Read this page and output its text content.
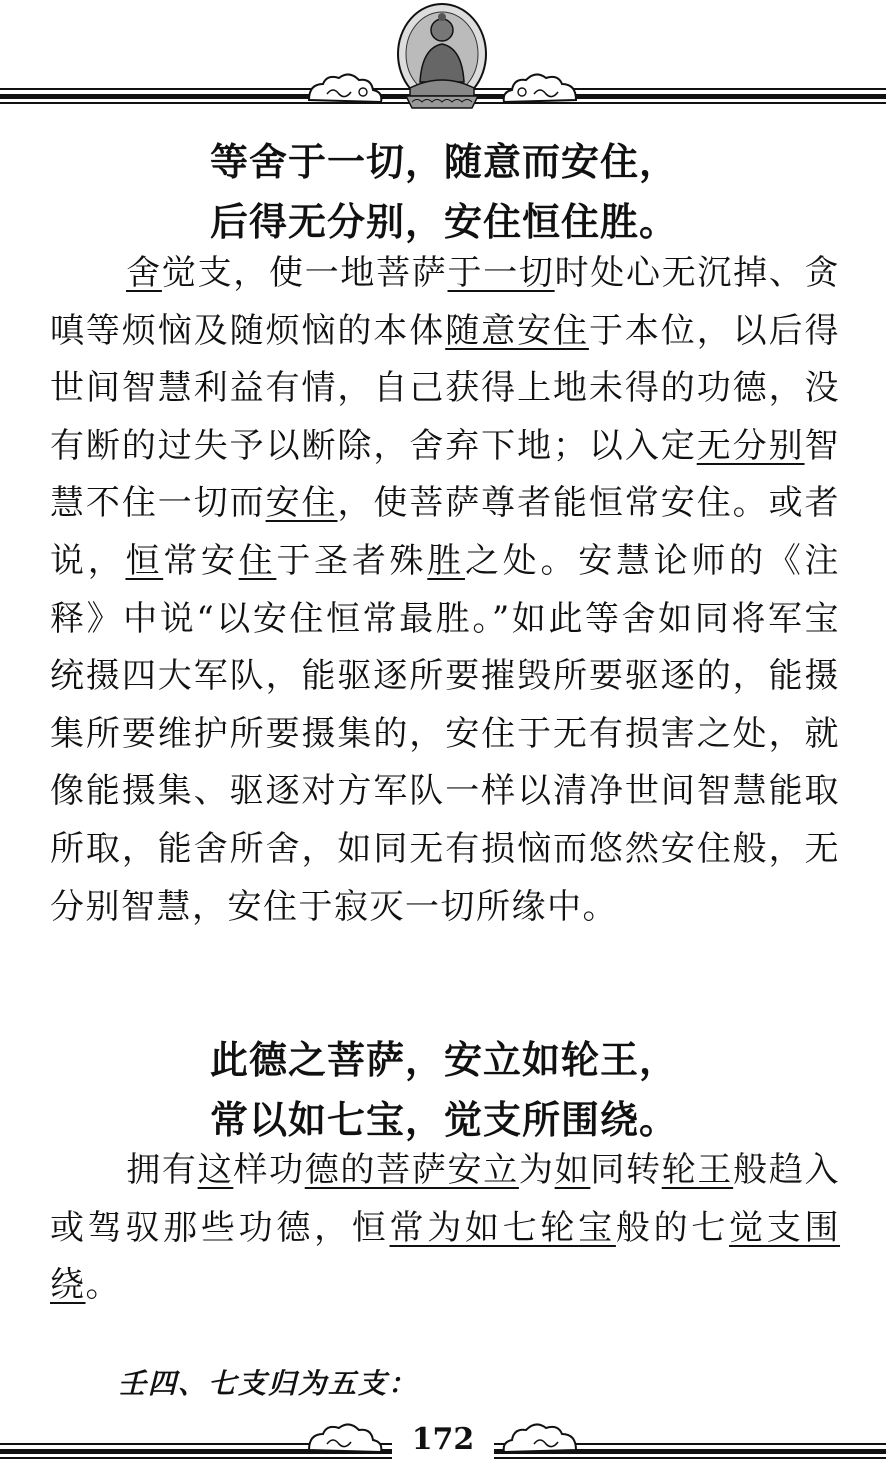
等舍于一切，随意而安住，
后得无分别，安住恒住胜。

舍觉支，使一地菩萨于一切时处心无沉掉、贪嗔等烦恼及随烦恼的本体随意安住于本位，以后得世间智慧利益有情，自己获得上地未得的功德，没有断的过失予以断除，舍弃下地；以入定无分别智慧不住一切而安住，使菩萨尊者能恒常安住。或者说，恒常安住于圣者殊胜之处。安慧论师的《注释》中说“以安住恒常最胜。”如此等舍如同将军宝统摄四大军队，能驱逐所要摧毁所要驱逐的，能摄集所要维护所要摄集的，安住于无有损害之处，就像能摄集、驱逐对方军队一样以清净世间智慧能取所取，能舍所舍，如同无有损恼而悠然安住般，无分别智慧，安住于寂灭一切所缘中。

此德之菩萨，安立如轮王，
常以如七宝，觉支所围绕。

拥有这样功德的菩萨安立为如同转轮王般趋入或驾驭那些功德，恒常为如七轮宝般的七觉支围绕。

壬四、七支归为五支：
172
